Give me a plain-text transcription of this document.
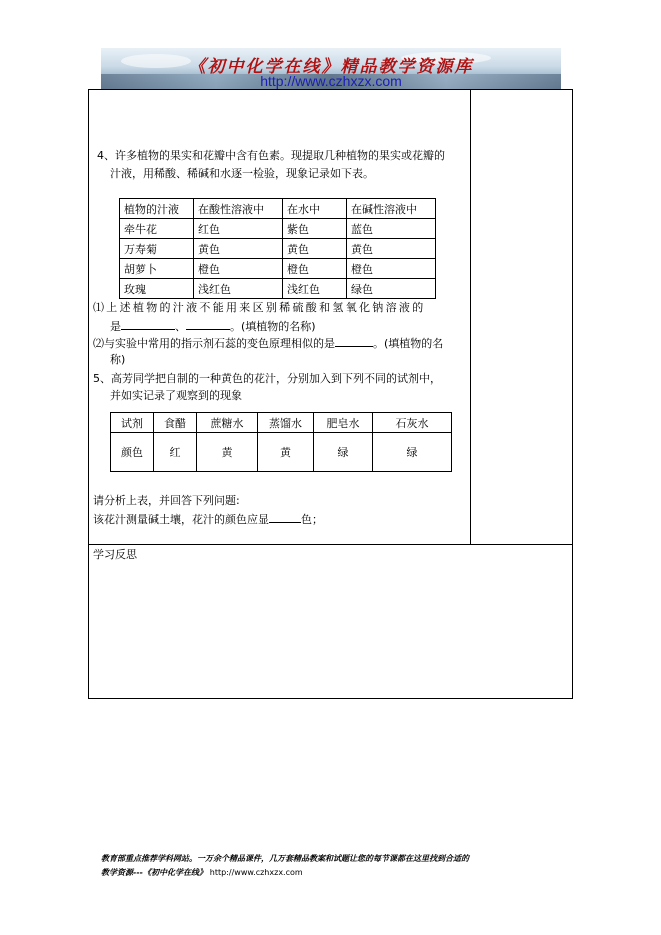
《初中化学在线》精品教学资源库
http://www.czhxzx.com
4、许多植物的果实和花瓣中含有色素。现提取几种植物的果实或花瓣的
汁液，用稀酸、稀碱和水逐一检验，现象记录如下表。
植物的汁液	在酸性溶液中	在水中	在碱性溶液中
牵牛花	红色	紫色	蓝色
万寿菊	黄色	黄色	黄色
胡萝卜	橙色	橙色	橙色
玫瑰	浅红色	浅红色	绿色
⑴上述植物的汁液不能用来区别稀硫酸和氢氧化钠溶液的
是	、	。(填植物的名称)
⑵与实验中常用的指示剂石蕊的变色原理相似的是	。(填植物的名
称)
5、高芳同学把自制的一种黄色的花汁，分别加入到下列不同的试剂中，
并如实记录了观察到的现象
试剂	食醋	蔗糖水	蒸馏水	肥皂水	石灰水
颜色	红	黄	黄	绿	绿
请分析上表，并回答下列问题:
该花汁测量碱土壤，花汁的颜色应显	色；
学习反思
教育部重点推荐学科网站。一万余个精品课件，几万套精品教案和试题让您的每节课都在这里找到合适的
教学资源---《初中化学在线》 http://www.czhxzx.com
